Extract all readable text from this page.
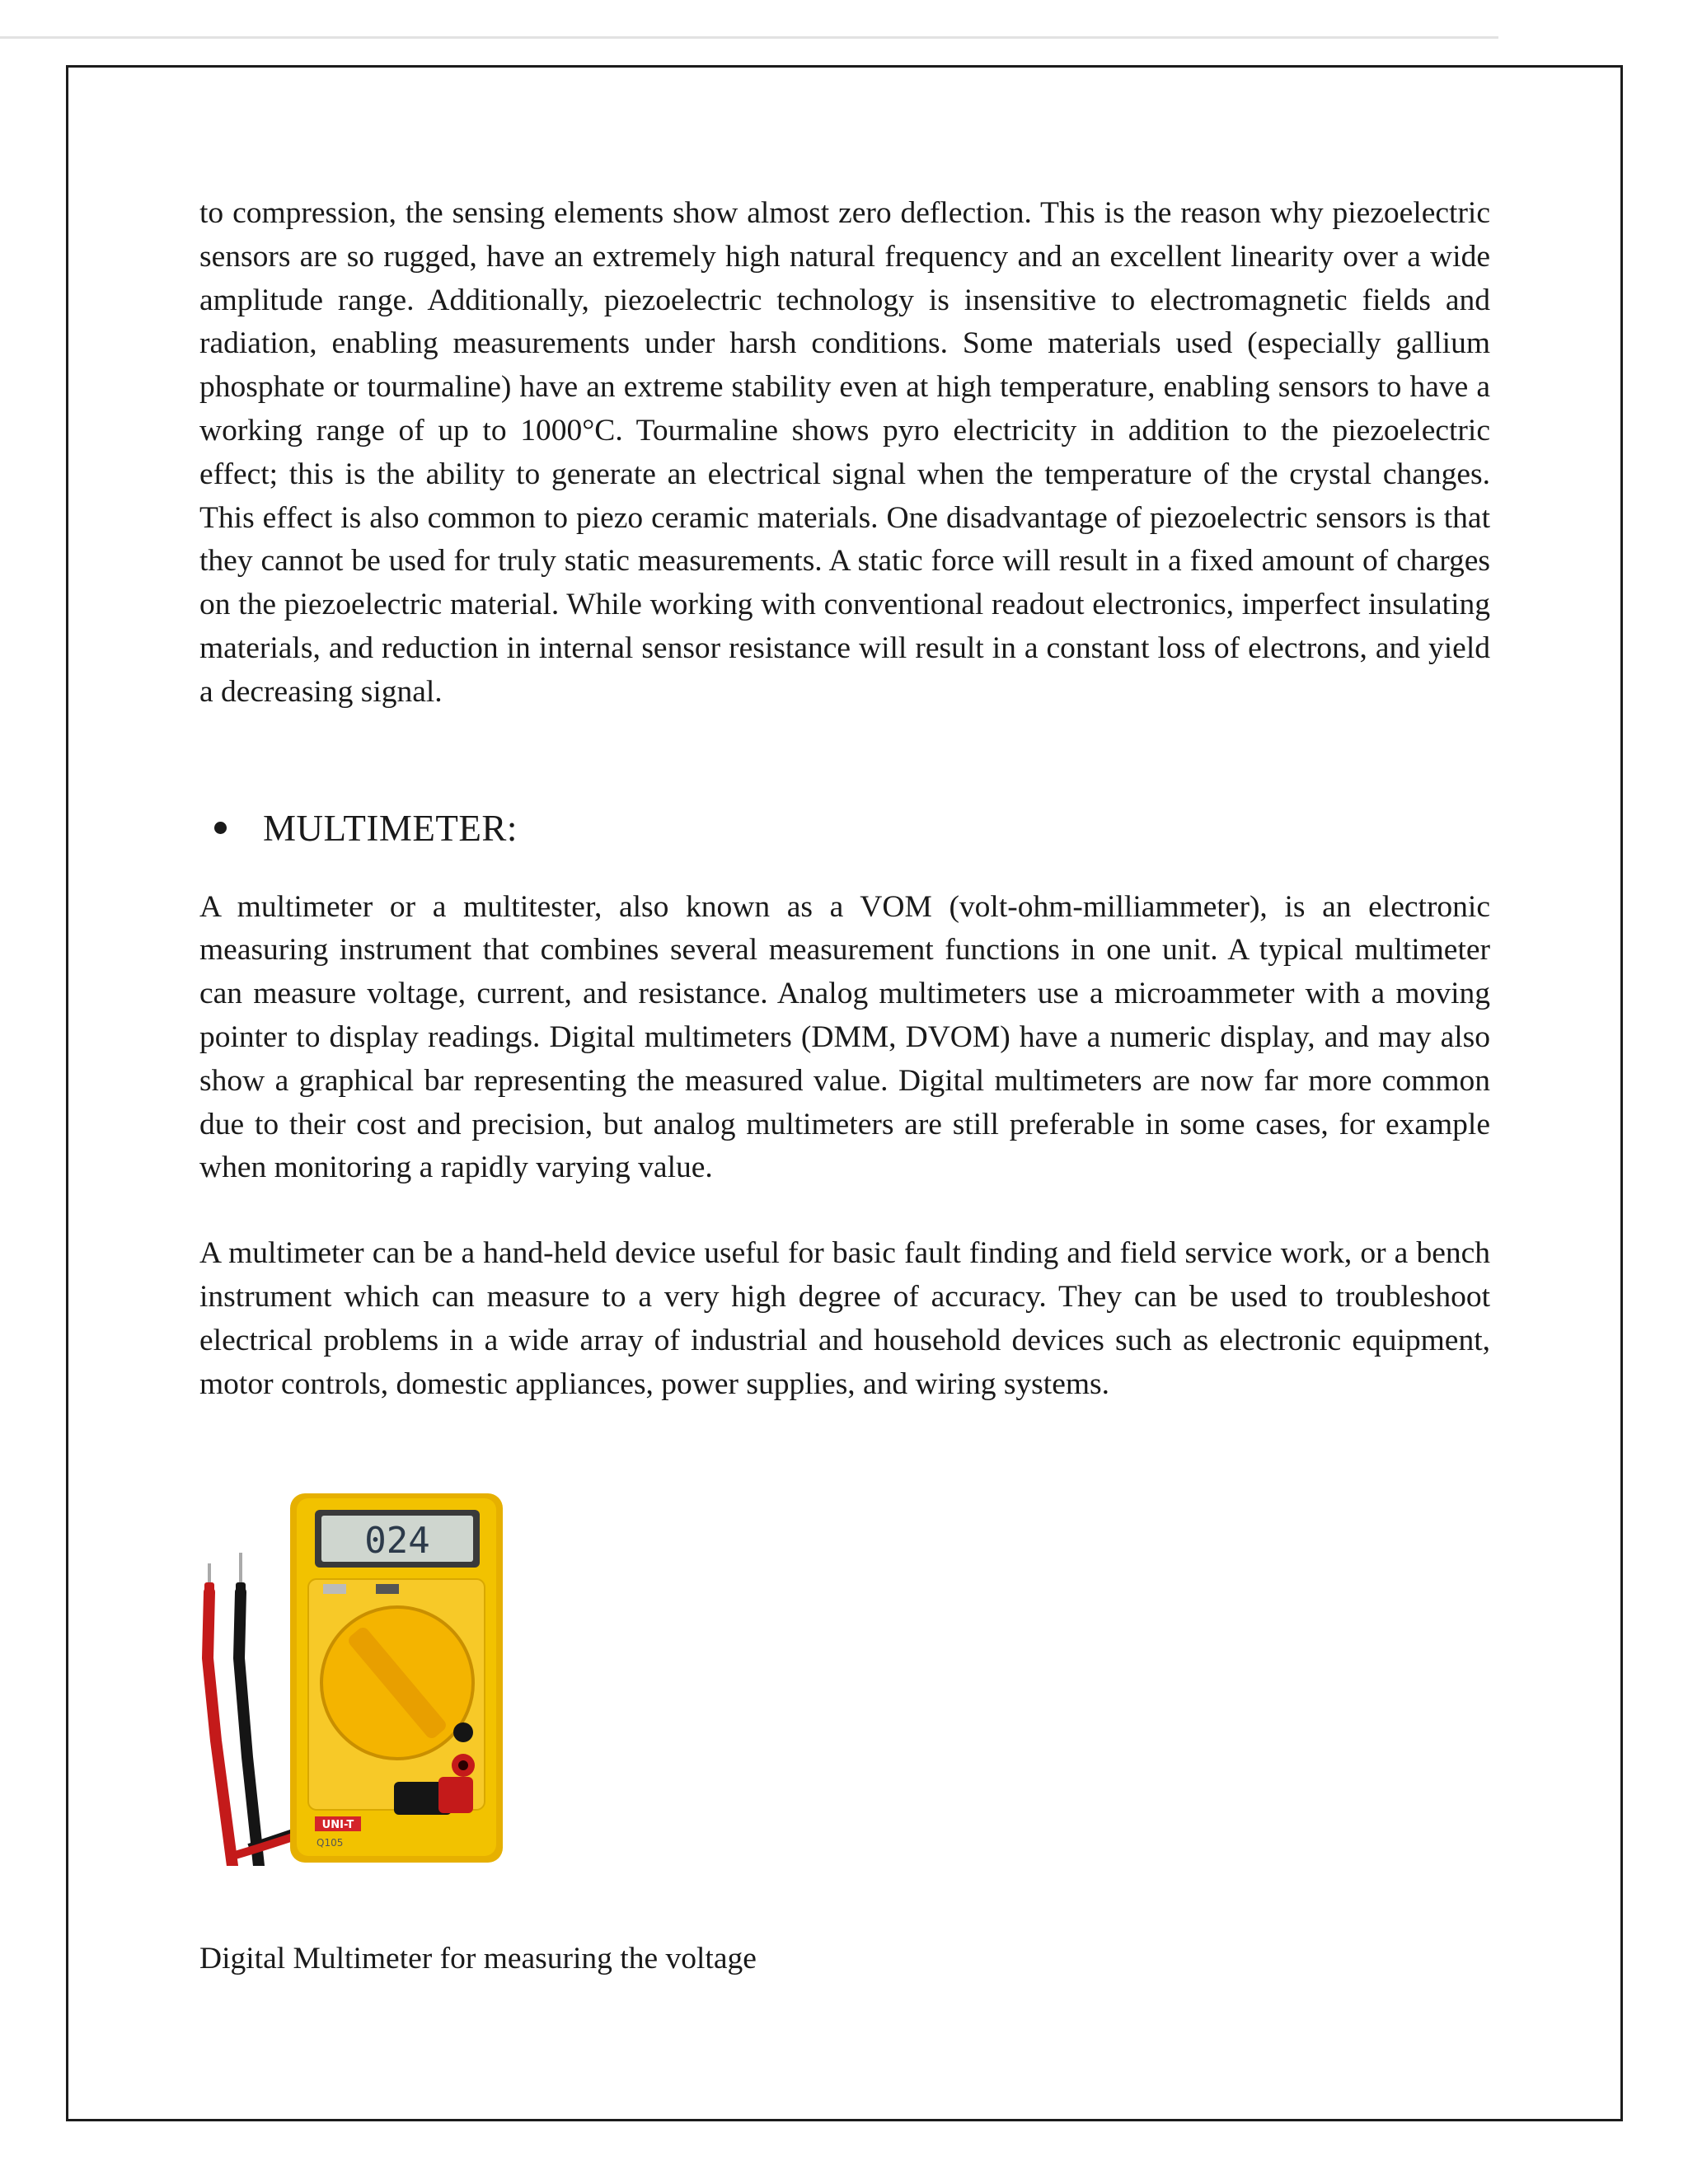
to compression, the sensing elements show almost zero deflection. This is the reason why piezoelectric sensors are so rugged, have an extremely high natural frequency and an excellent linearity over a wide amplitude range. Additionally, piezoelectric technology is insensitive to electromagnetic fields and radiation, enabling measurements under harsh conditions. Some materials used (especially gallium phosphate or tourmaline) have an extreme stability even at high temperature, enabling sensors to have a working range of up to 1000°C. Tourmaline shows pyro electricity in addition to the piezoelectric effect; this is the ability to generate an electrical signal when the temperature of the crystal changes. This effect is also common to piezo ceramic materials. One disadvantage of piezoelectric sensors is that they cannot be used for truly static measurements. A static force will result in a fixed amount of charges on the piezoelectric material. While working with conventional readout electronics, imperfect insulating materials, and reduction in internal sensor resistance will result in a constant loss of electrons, and yield a decreasing signal.

MULTIMETER:

A multimeter or a multitester, also known as a VOM (volt-ohm-milliammeter), is an electronic measuring instrument that combines several measurement functions in one unit. A typical multimeter can measure voltage, current, and resistance. Analog multimeters use a microammeter with a moving pointer to display readings. Digital multimeters (DMM, DVOM) have a numeric display, and may also show a graphical bar representing the measured value. Digital multimeters are now far more common due to their cost and precision, but analog multimeters are still preferable in some cases, for example when monitoring a rapidly varying value.

A multimeter can be a hand-held device useful for basic fault finding and field service work, or a bench instrument which can measure to a very high degree of accuracy. They can be used to troubleshoot electrical problems in a wide array of industrial and household devices such as electronic equipment, motor controls, domestic appliances, power supplies, and wiring systems.

024
UNI-T
Q105

Digital Multimeter for measuring the voltage
